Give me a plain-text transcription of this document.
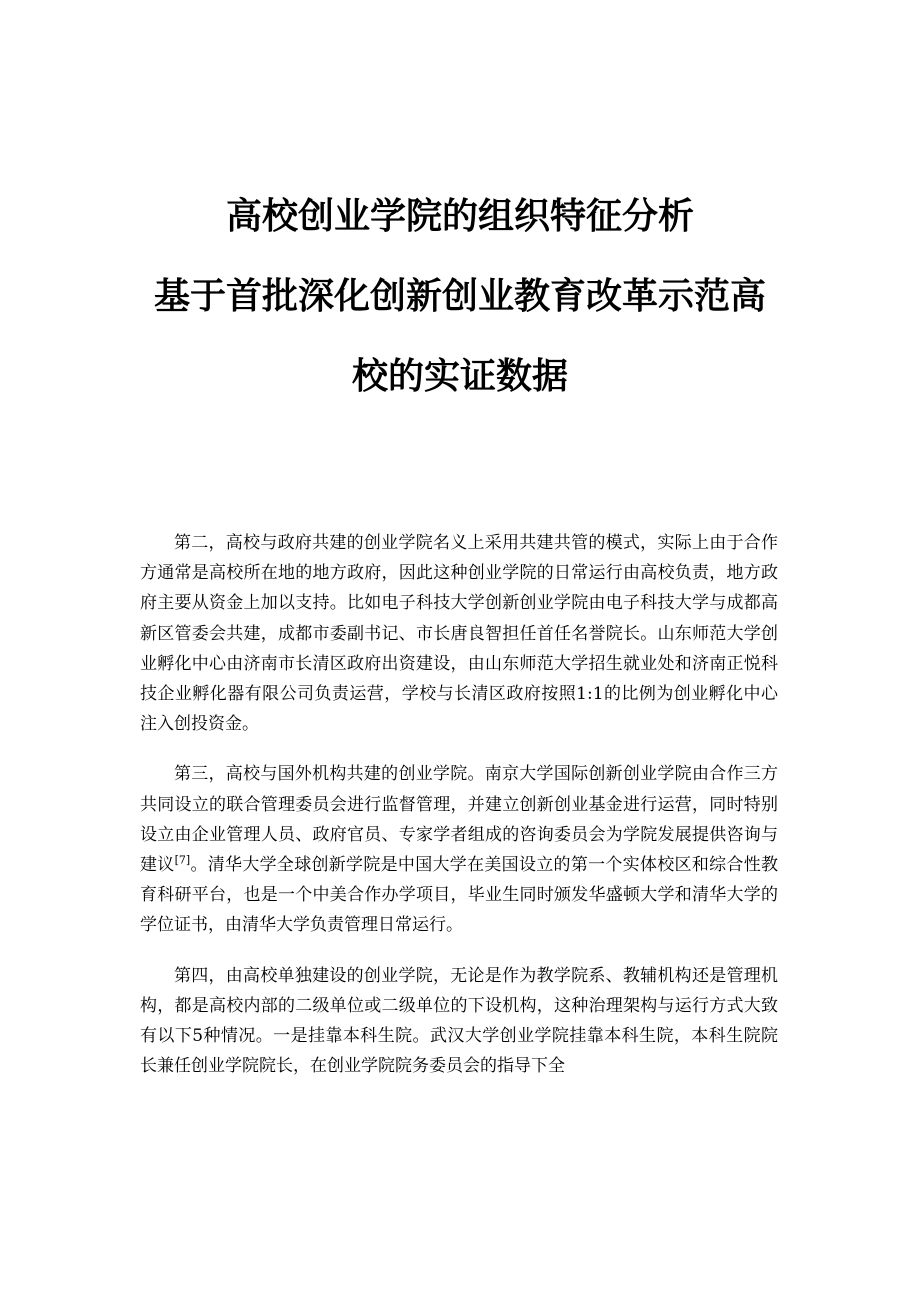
高校创业学院的组织特征分析
基于首批深化创新创业教育改革示范高
校的实证数据

第二，高校与政府共建的创业学院名义上采用共建共管的模式，实际上由于合作方通常是高校所在地的地方政府，因此这种创业学院的日常运行由高校负责，地方政府主要从资金上加以支持。比如电子科技大学创新创业学院由电子科技大学与成都高新区管委会共建，成都市委副书记、市长唐良智担任首任名誉院长。山东师范大学创业孵化中心由济南市长清区政府出资建设，由山东师范大学招生就业处和济南正悦科技企业孵化器有限公司负责运营，学校与长清区政府按照1:1的比例为创业孵化中心注入创投资金。

第三，高校与国外机构共建的创业学院。南京大学国际创新创业学院由合作三方共同设立的联合管理委员会进行监督管理，并建立创新创业基金进行运营，同时特别设立由企业管理人员、政府官员、专家学者组成的咨询委员会为学院发展提供咨询与建议[7]。清华大学全球创新学院是中国大学在美国设立的第一个实体校区和综合性教育科研平台，也是一个中美合作办学项目，毕业生同时颁发华盛顿大学和清华大学的学位证书，由清华大学负责管理日常运行。

第四，由高校单独建设的创业学院，无论是作为教学院系、教辅机构还是管理机构，都是高校内部的二级单位或二级单位的下设机构，这种治理架构与运行方式大致有以下5种情况。一是挂靠本科生院。武汉大学创业学院挂靠本科生院，本科生院院长兼任创业学院院长，在创业学院院务委员会的指导下全
